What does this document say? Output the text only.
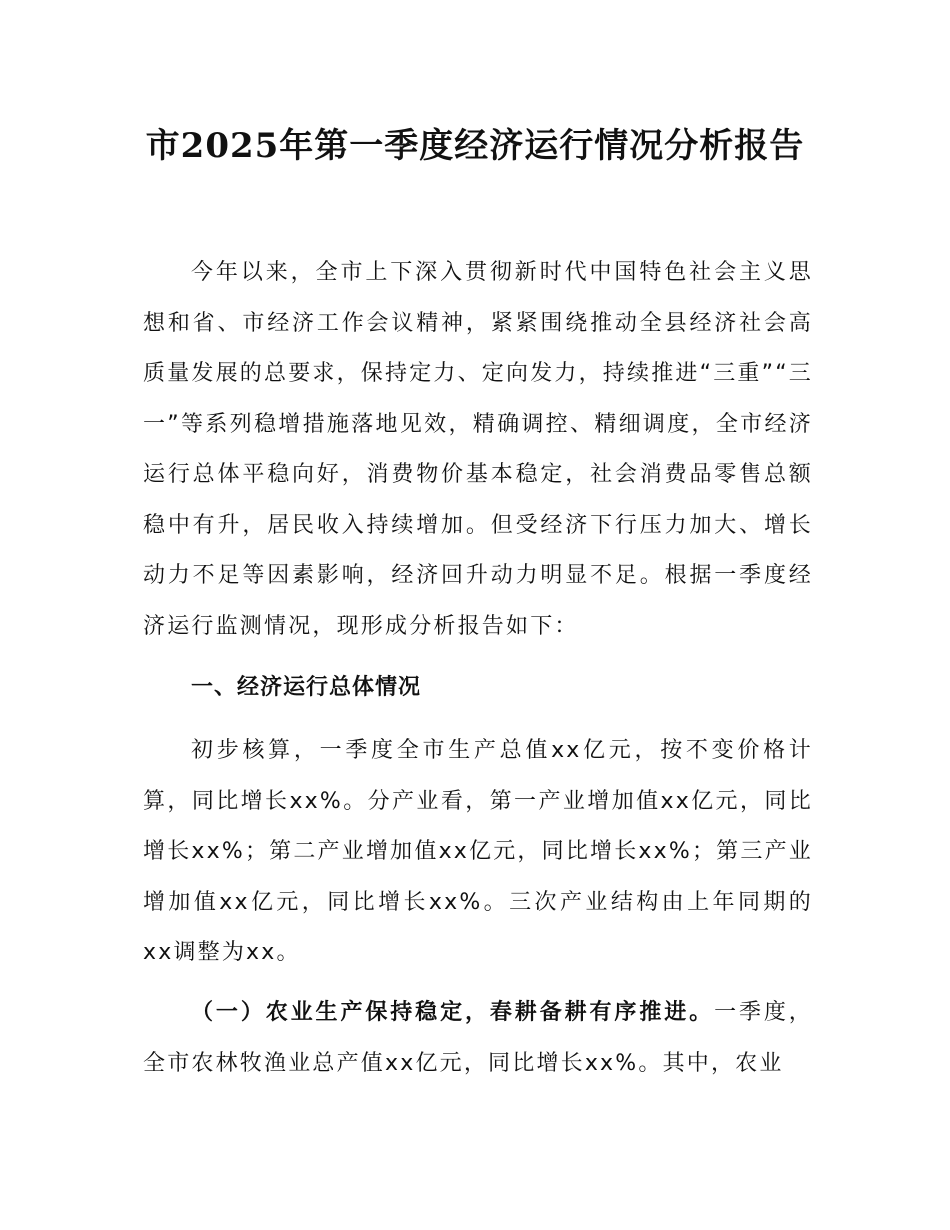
市2025年第一季度经济运行情况分析报告
今年以来，全市上下深入贯彻新时代中国特色社会主义思想和省、市经济工作会议精神，紧紧围绕推动全县经济社会高质量发展的总要求，保持定力、定向发力，持续推进“三重”“三一”等系列稳增措施落地见效，精确调控、精细调度，全市经济运行总体平稳向好，消费物价基本稳定，社会消费品零售总额稳中有升，居民收入持续增加。但受经济下行压力加大、增长动力不足等因素影响，经济回升动力明显不足。根据一季度经济运行监测情况，现形成分析报告如下：
一、经济运行总体情况
初步核算，一季度全市生产总值xx亿元，按不变价格计算，同比增长xx%。分产业看，第一产业增加值xx亿元，同比增长xx%；第二产业增加值xx亿元，同比增长xx%；第三产业增加值xx亿元，同比增长xx%。三次产业结构由上年同期的xx调整为xx。
（一）农业生产保持稳定，春耕备耕有序推进。一季度，全市农林牧渔业总产值xx亿元，同比增长xx%。其中，农业
